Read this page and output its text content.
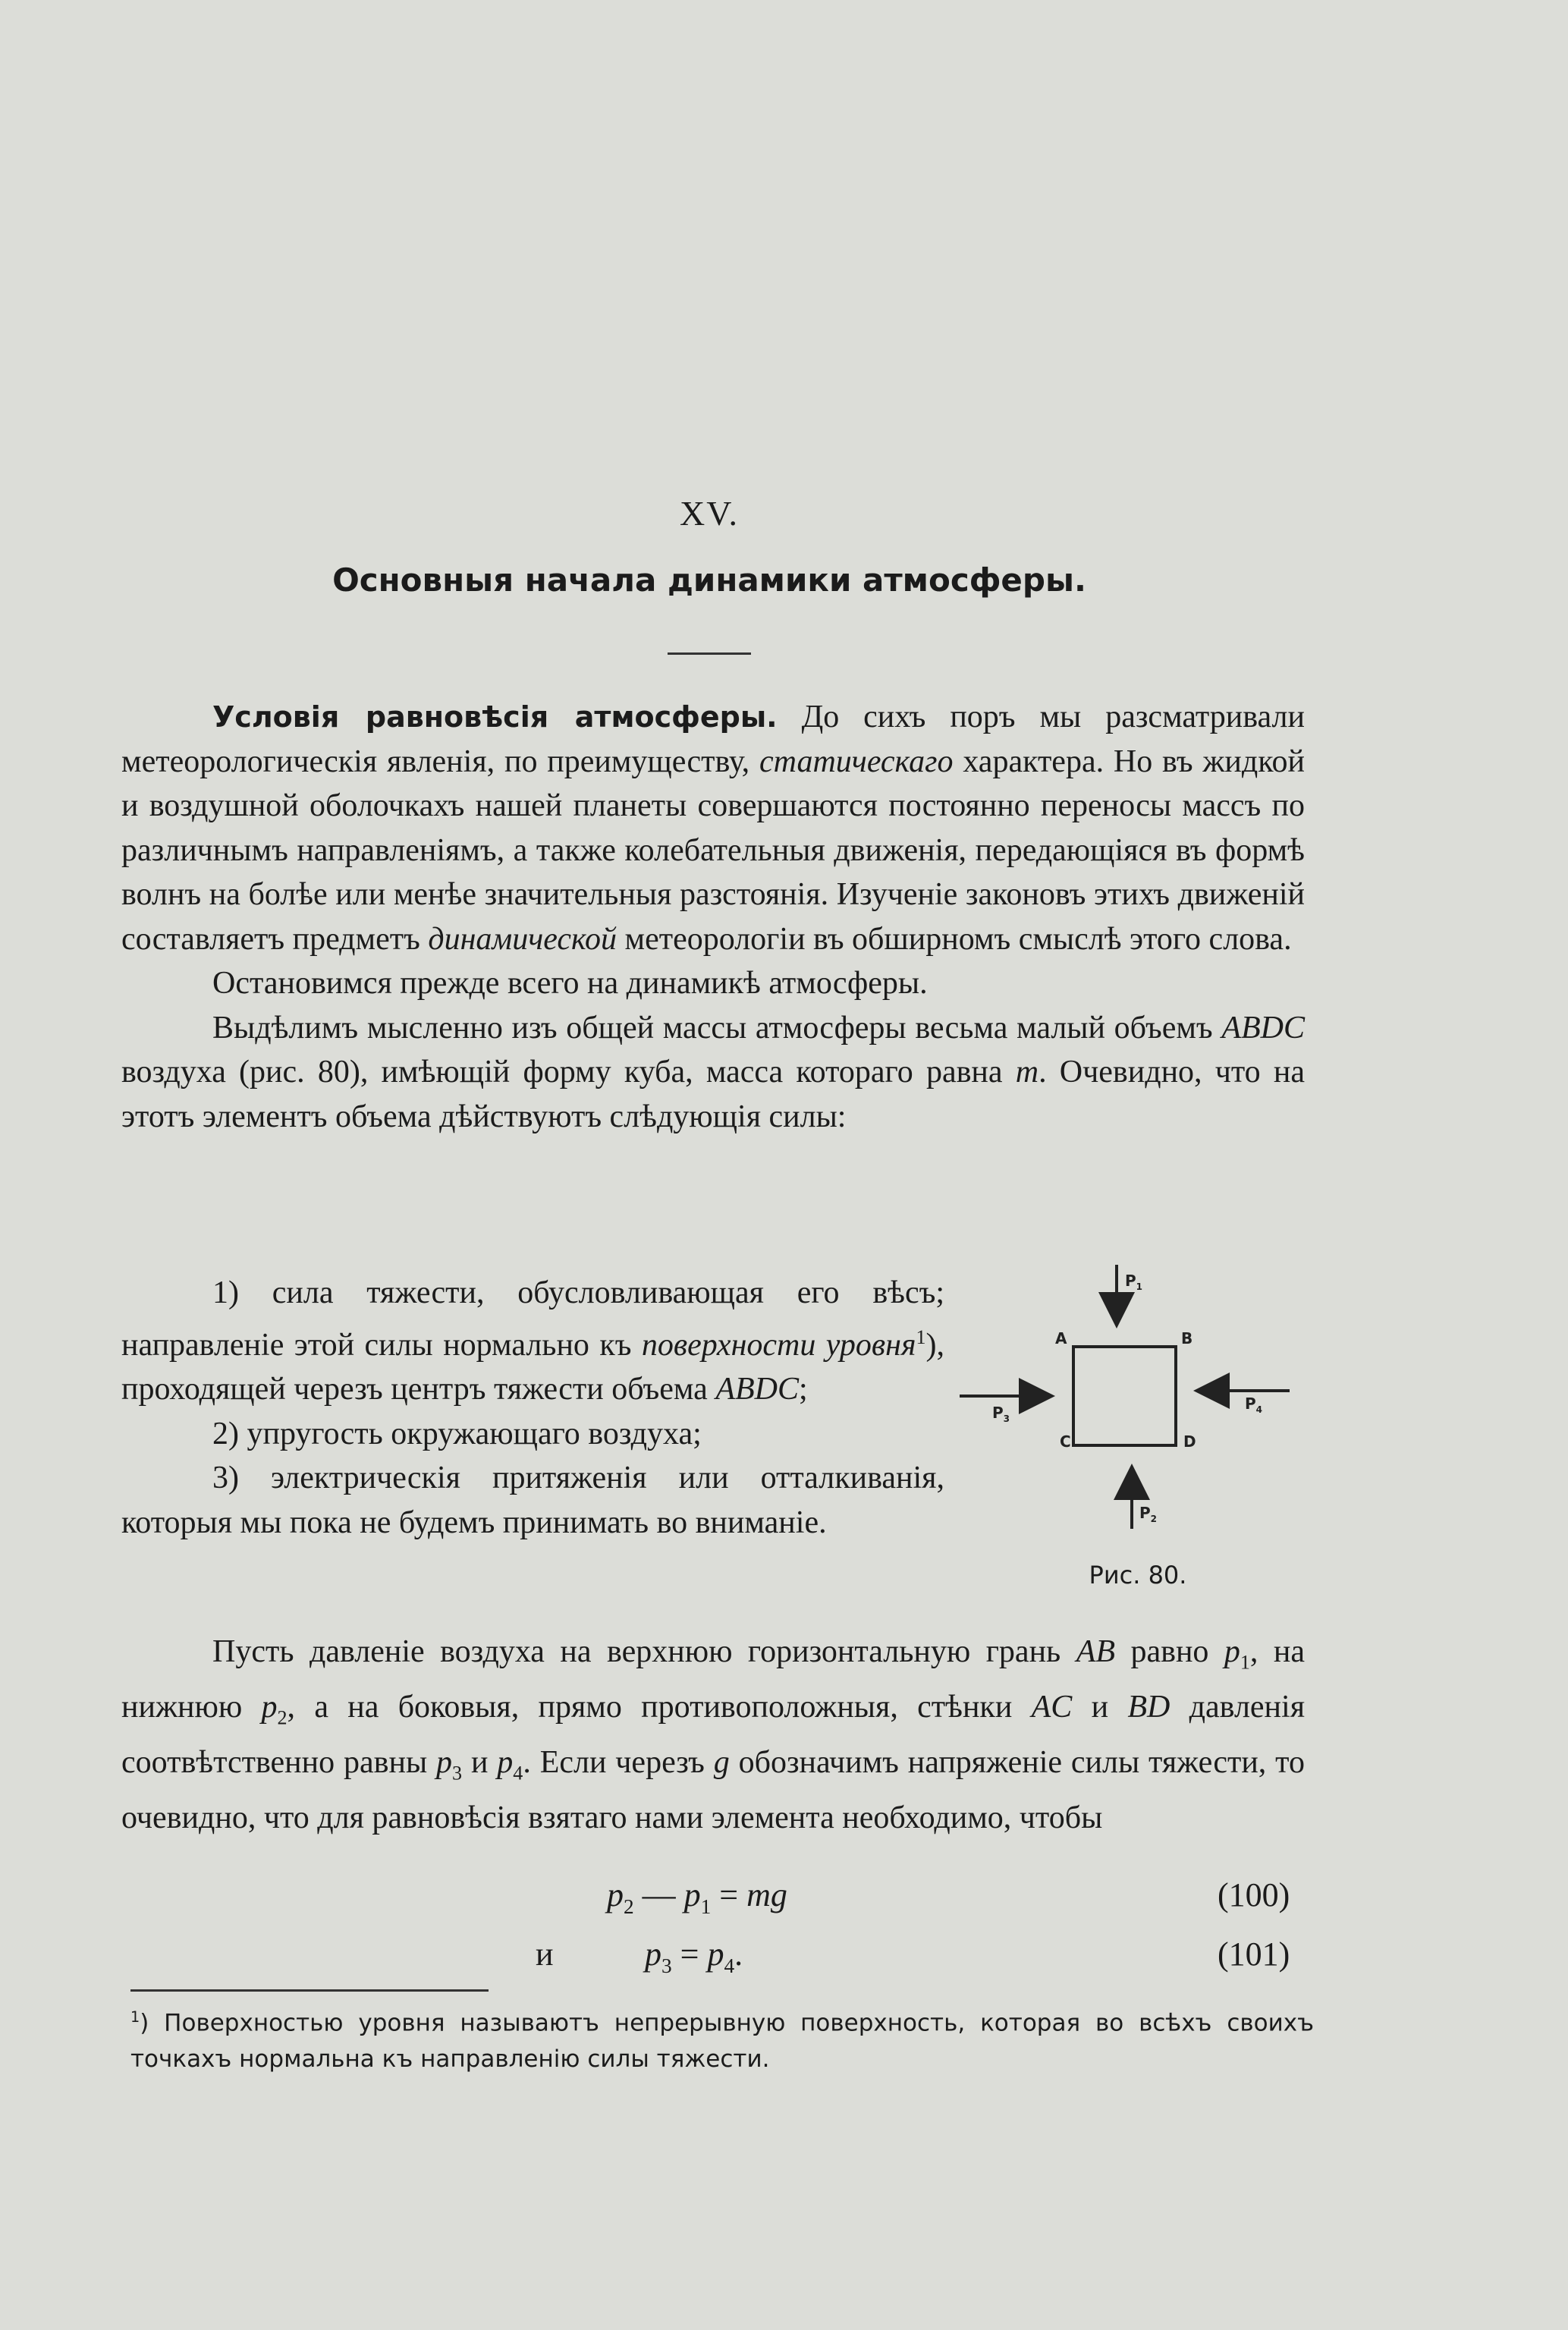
XV.
Основныя начала динамики атмосферы.

Условія равновѣсія атмосферы. До сихъ поръ мы разсматривали метеорологическія явленія, по преимуществу, статическаго характера. Но въ жидкой и воздушной оболочкахъ нашей планеты совершаются постоянно переносы массъ по различнымъ направленіямъ, а также колебательныя движенія, передающіяся въ формѣ волнъ на болѣе или менѣе значительныя разстоянія. Изученіе законовъ этихъ движеній составляетъ предметъ динамической метеорологіи въ обширномъ смыслѣ этого слова.

Остановимся прежде всего на динамикѣ атмосферы.

Выдѣлимъ мысленно изъ общей массы атмосферы весьма малый объемъ ABDC воздуха (рис. 80), имѣющій форму куба, масса котораго равна m. Очевидно, что на этотъ элементъ объема дѣйствуютъ слѣдующія силы:

1) сила тяжести, обусловливающая его вѣсъ; направленіе этой силы нормально къ поверхности уровня$^1$), проходящей черезъ центръ тяжести объема ABDC;

2) упругость окружающаго воздуха;

3) электрическія притяженія или отталкиванія, которыя мы пока не будемъ принимать во вниманіе.

A	B
C	D
$P_1$
$P_2$
$P_3$
$P_4$
Рис. 80.

Пусть давленіе воздуха на верхнюю горизонтальную грань AB равно $p_1$, на нижнюю $p_2$, а на боковыя, прямо противоположныя, стѣнки AC и BD давленія соотвѣтственно равны $p_3$ и $p_4$. Если черезъ g обозначимъ напряженіе силы тяжести, то очевидно, что для равновѣсія взятаго нами элемента необходимо, чтобы

$p_2$ — $p_1$ = mg	(100)
и	$p_3 = p_4$.	(101)
$^1$) Поверхностью уровня называютъ непрерывную поверхность, которая во всѣхъ своихъ точкахъ нормальна къ направленію силы тяжести.
